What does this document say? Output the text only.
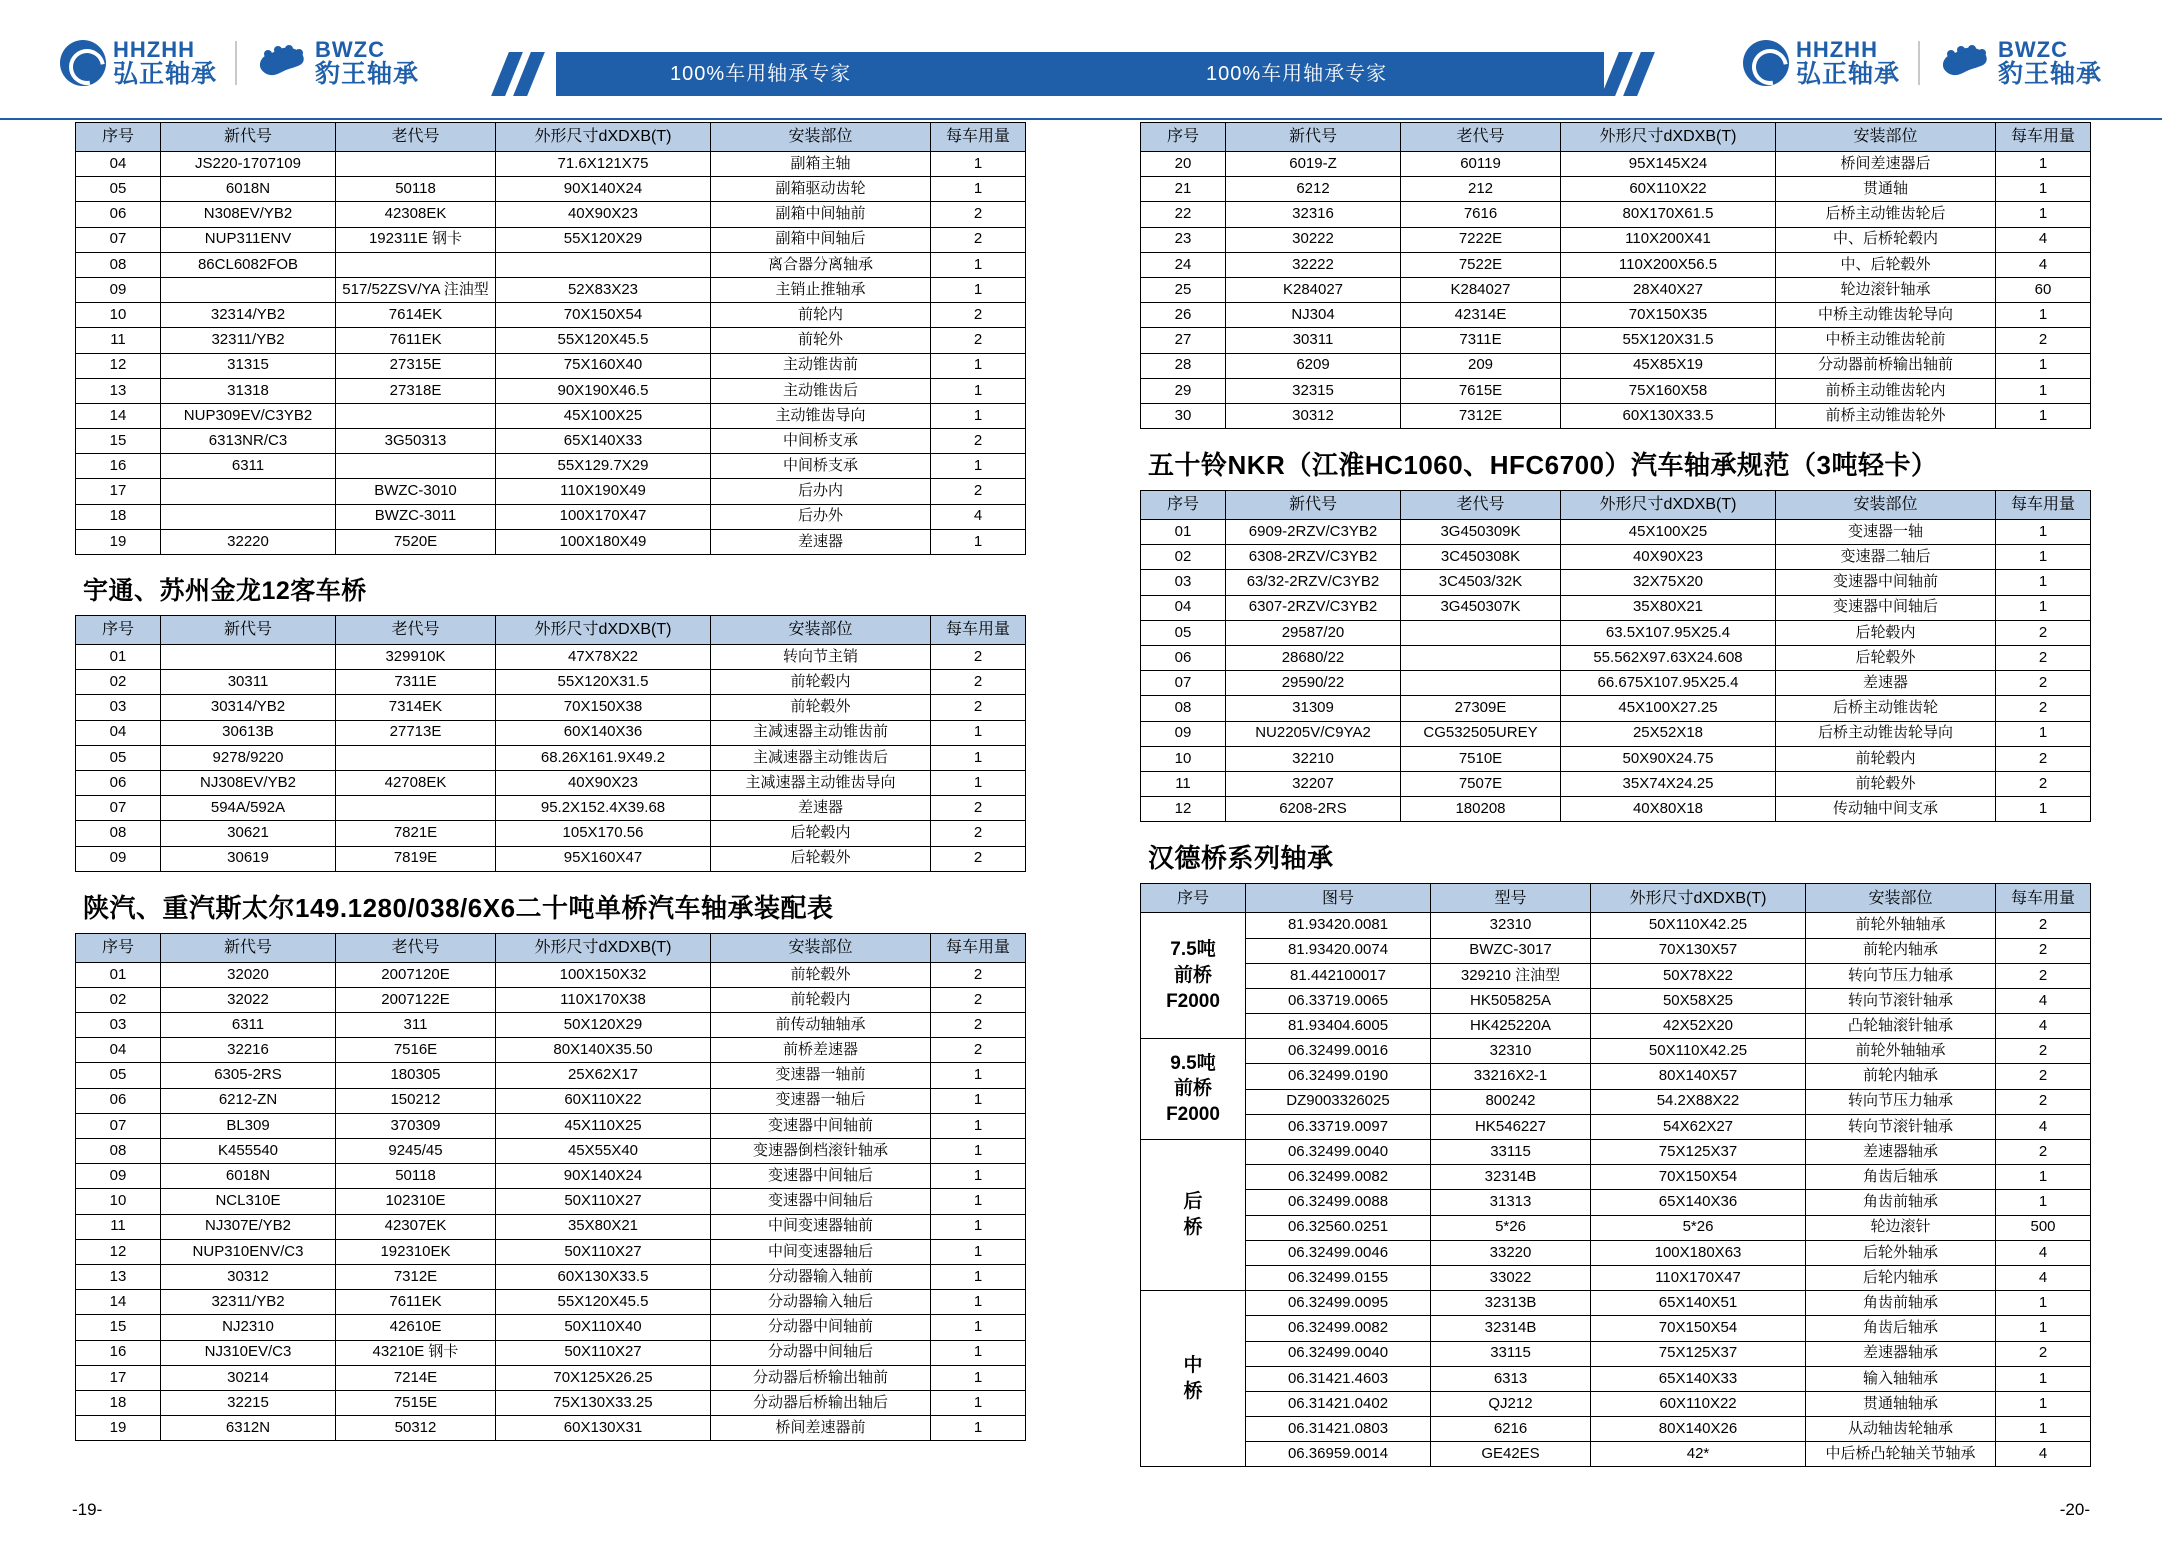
HHZHH
弘正轴承
BWZC
豹王轴承	100%车用轴承专家	100%车用轴承专家
HHZHH
弘正轴承
BWZC
豹王轴承
序号	新代号	老代号	外形尺寸dXDXB(T)	安装部位	每车用量
04	JS220-1707109		71.6X121X75	副箱主轴	1
05	6018N	50118	90X140X24	副箱驱动齿轮	1
06	N308EV/YB2	42308EK	40X90X23	副箱中间轴前	2
07	NUP311ENV	192311E 钢卡	55X120X29	副箱中间轴后	2
08	86CL6082FOB			离合器分离轴承	1
09		517/52ZSV/YA 注油型	52X83X23	主销止推轴承	1
10	32314/YB2	7614EK	70X150X54	前轮内	2
11	32311/YB2	7611EK	55X120X45.5	前轮外	2
12	31315	27315E	75X160X40	主动锥齿前	1
13	31318	27318E	90X190X46.5	主动锥齿后	1
14	NUP309EV/C3YB2		45X100X25	主动锥齿导向	1
15	6313NR/C3	3G50313	65X140X33	中间桥支承	2
16	6311		55X129.7X29	中间桥支承	1
17		BWZC-3010	110X190X49	后办内	2
18		BWZC-3011	100X170X47	后办外	4
19	32220	7520E	100X180X49	差速器	1
宇通、苏州金龙12客车桥
序号	新代号	老代号	外形尺寸dXDXB(T)	安装部位	每车用量
01		329910K	47X78X22	转向节主销	2
02	30311	7311E	55X120X31.5	前轮毂内	2
03	30314/YB2	7314EK	70X150X38	前轮毂外	2
04	30613B	27713E	60X140X36	主减速器主动锥齿前	1
05	9278/9220		68.26X161.9X49.2	主减速器主动锥齿后	1
06	NJ308EV/YB2	42708EK	40X90X23	主减速器主动锥齿导向	1
07	594A/592A		95.2X152.4X39.68	差速器	2
08	30621	7821E	105X170.56	后轮毂内	2
09	30619	7819E	95X160X47	后轮毂外	2
陕汽、重汽斯太尔149.1280/038/6X6二十吨单桥汽车轴承装配表
序号	新代号	老代号	外形尺寸dXDXB(T)	安装部位	每车用量
01	32020	2007120E	100X150X32	前轮毂外	2
02	32022	2007122E	110X170X38	前轮毂内	2
03	6311	311	50X120X29	前传动轴轴承	2
04	32216	7516E	80X140X35.50	前桥差速器	2
05	6305-2RS	180305	25X62X17	变速器一轴前	1
06	6212-ZN	150212	60X110X22	变速器一轴后	1
07	BL309	370309	45X110X25	变速器中间轴前	1
08	K455540	9245/45	45X55X40	变速器倒档滚针轴承	1
09	6018N	50118	90X140X24	变速器中间轴后	1
10	NCL310E	102310E	50X110X27	变速器中间轴后	1
11	NJ307E/YB2	42307EK	35X80X21	中间变速器轴前	1
12	NUP310ENV/C3	192310EK	50X110X27	中间变速器轴后	1
13	30312	7312E	60X130X33.5	分动器输入轴前	1
14	32311/YB2	7611EK	55X120X45.5	分动器输入轴后	1
15	NJ2310	42610E	50X110X40	分动器中间轴前	1
16	NJ310EV/C3	43210E 钢卡	50X110X27	分动器中间轴后	1
17	30214	7214E	70X125X26.25	分动器后桥输出轴前	1
18	32215	7515E	75X130X33.25	分动器后桥输出轴后	1
19	6312N	50312	60X130X31	桥间差速器前	1
序号	新代号	老代号	外形尺寸dXDXB(T)	安装部位	每车用量
20	6019-Z	60119	95X145X24	桥间差速器后	1
21	6212	212	60X110X22	贯通轴	1
22	32316	7616	80X170X61.5	后桥主动锥齿轮后	1
23	30222	7222E	110X200X41	中、后桥轮毂内	4
24	32222	7522E	110X200X56.5	中、后轮毂外	4
25	K284027	K284027	28X40X27	轮边滚针轴承	60
26	NJ304	42314E	70X150X35	中桥主动锥齿轮导向	1
27	30311	7311E	55X120X31.5	中桥主动锥齿轮前	2
28	6209	209	45X85X19	分动器前桥输出轴前	1
29	32315	7615E	75X160X58	前桥主动锥齿轮内	1
30	30312	7312E	60X130X33.5	前桥主动锥齿轮外	1
五十铃NKR（江淮HC1060、HFC6700）汽车轴承规范（3吨轻卡）
序号	新代号	老代号	外形尺寸dXDXB(T)	安装部位	每车用量
01	6909-2RZV/C3YB2	3G450309K	45X100X25	变速器一轴	1
02	6308-2RZV/C3YB2	3C450308K	40X90X23	变速器二轴后	1
03	63/32-2RZV/C3YB2	3C4503/32K	32X75X20	变速器中间轴前	1
04	6307-2RZV/C3YB2	3G450307K	35X80X21	变速器中间轴后	1
05	29587/20		63.5X107.95X25.4	后轮毂内	2
06	28680/22		55.562X97.63X24.608	后轮毂外	2
07	29590/22		66.675X107.95X25.4	差速器	2
08	31309	27309E	45X100X27.25	后桥主动锥齿轮	2
09	NU2205V/C9YA2	CG532505UREY	25X52X18	后桥主动锥齿轮导向	1
10	32210	7510E	50X90X24.75	前轮毂内	2
11	32207	7507E	35X74X24.25	前轮毂外	2
12	6208-2RS	180208	40X80X18	传动轴中间支承	1
汉德桥系列轴承
序号	图号	型号	外形尺寸dXDXB(T)	安装部位	每车用量
7.5吨
前桥
F2000	81.93420.0081	32310	50X110X42.25	前轮外轴轴承	2
	81.93420.0074	BWZC-3017	70X130X57	前轮内轴承	2
	81.442100017	329210 注油型	50X78X22	转向节压力轴承	2
	06.33719.0065	HK505825A	50X58X25	转向节滚针轴承	4
	81.93404.6005	HK425220A	42X52X20	凸轮轴滚针轴承	4
9.5吨
前桥
F2000	06.32499.0016	32310	50X110X42.25	前轮外轴轴承	2
	06.32499.0190	33216X2-1	80X140X57	前轮内轴承	2
	DZ9003326025	800242	54.2X88X22	转向节压力轴承	2
	06.33719.0097	HK546227	54X62X27	转向节滚针轴承	4
后
桥	06.32499.0040	33115	75X125X37	差速器轴承	2
	06.32499.0082	32314B	70X150X54	角齿后轴承	1
	06.32499.0088	31313	65X140X36	角齿前轴承	1
	06.32560.0251	5*26	5*26	轮边滚针	500
	06.32499.0046	33220	100X180X63	后轮外轴承	4
	06.32499.0155	33022	110X170X47	后轮内轴承	4
中
桥	06.32499.0095	32313B	65X140X51	角齿前轴承	1
	06.32499.0082	32314B	70X150X54	角齿后轴承	1
	06.32499.0040	33115	75X125X37	差速器轴承	2
	06.31421.4603	6313	65X140X33	输入轴轴承	1
	06.31421.0402	QJ212	60X110X22	贯通轴轴承	1
	06.31421.0803	6216	80X140X26	从动轴齿轮轴承	1
	06.36959.0014	GE42ES	42*	中后桥凸轮轴关节轴承	4
-19-	-20-
